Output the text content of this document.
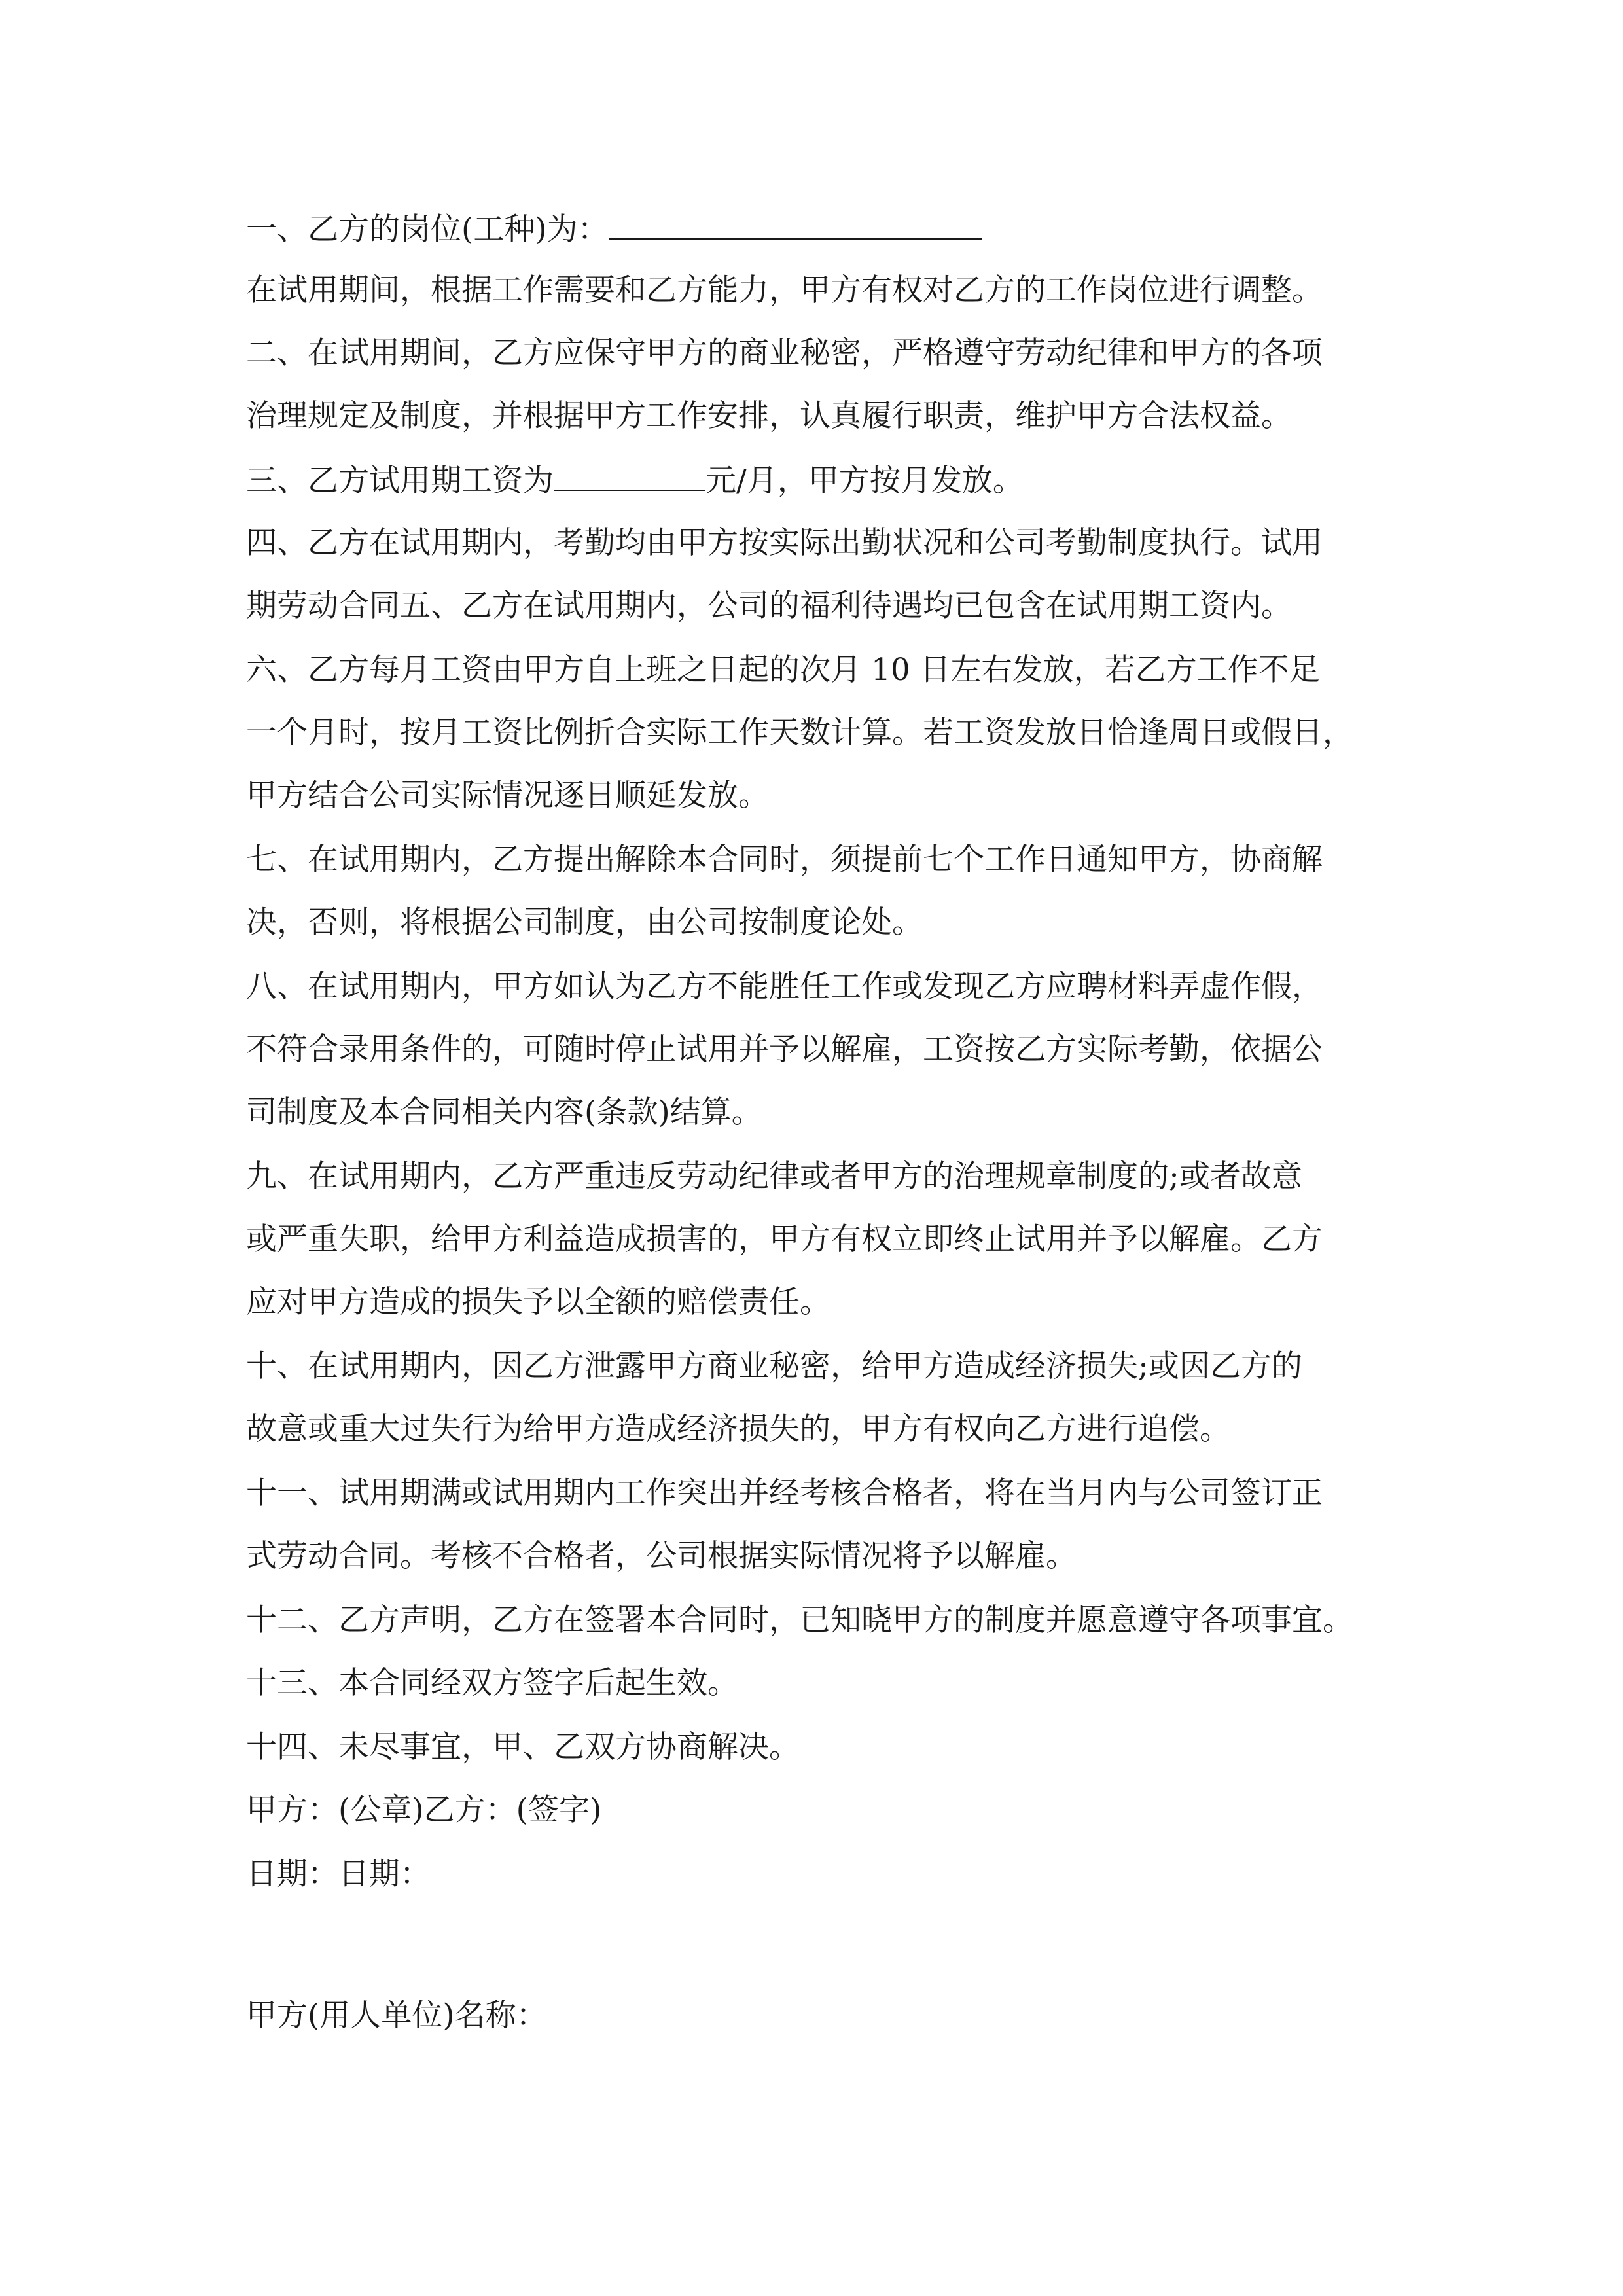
一、乙方的岗位(工种)为：
在试用期间，根据工作需要和乙方能力，甲方有权对乙方的工作岗位进行调整。
二、在试用期间，乙方应保守甲方的商业秘密，严格遵守劳动纪律和甲方的各项
治理规定及制度，并根据甲方工作安排，认真履行职责，维护甲方合法权益。
三、乙方试用期工资为	元/月，甲方按月发放。
四、乙方在试用期内，考勤均由甲方按实际出勤状况和公司考勤制度执行。试用
期劳动合同五、乙方在试用期内，公司的福利待遇均已包含在试用期工资内。
六、乙方每月工资由甲方自上班之日起的次月 10 日左右发放，若乙方工作不足
一个月时，按月工资比例折合实际工作天数计算。若工资发放日恰逢周日或假日，
甲方结合公司实际情况逐日顺延发放。
七、在试用期内，乙方提出解除本合同时，须提前七个工作日通知甲方，协商解
决，否则，将根据公司制度，由公司按制度论处。
八、在试用期内，甲方如认为乙方不能胜任工作或发现乙方应聘材料弄虚作假，
不符合录用条件的，可随时停止试用并予以解雇，工资按乙方实际考勤，依据公
司制度及本合同相关内容(条款)结算。
九、在试用期内，乙方严重违反劳动纪律或者甲方的治理规章制度的;或者故意
或严重失职，给甲方利益造成损害的，甲方有权立即终止试用并予以解雇。乙方
应对甲方造成的损失予以全额的赔偿责任。
十、在试用期内，因乙方泄露甲方商业秘密，给甲方造成经济损失;或因乙方的
故意或重大过失行为给甲方造成经济损失的，甲方有权向乙方进行追偿。
十一、试用期满或试用期内工作突出并经考核合格者，将在当月内与公司签订正
式劳动合同。考核不合格者，公司根据实际情况将予以解雇。
十二、乙方声明，乙方在签署本合同时，已知晓甲方的制度并愿意遵守各项事宜。
十三、本合同经双方签字后起生效。
十四、未尽事宜，甲、乙双方协商解决。
甲方：(公章)乙方：(签字)
日期：日期：
甲方(用人单位)名称：
